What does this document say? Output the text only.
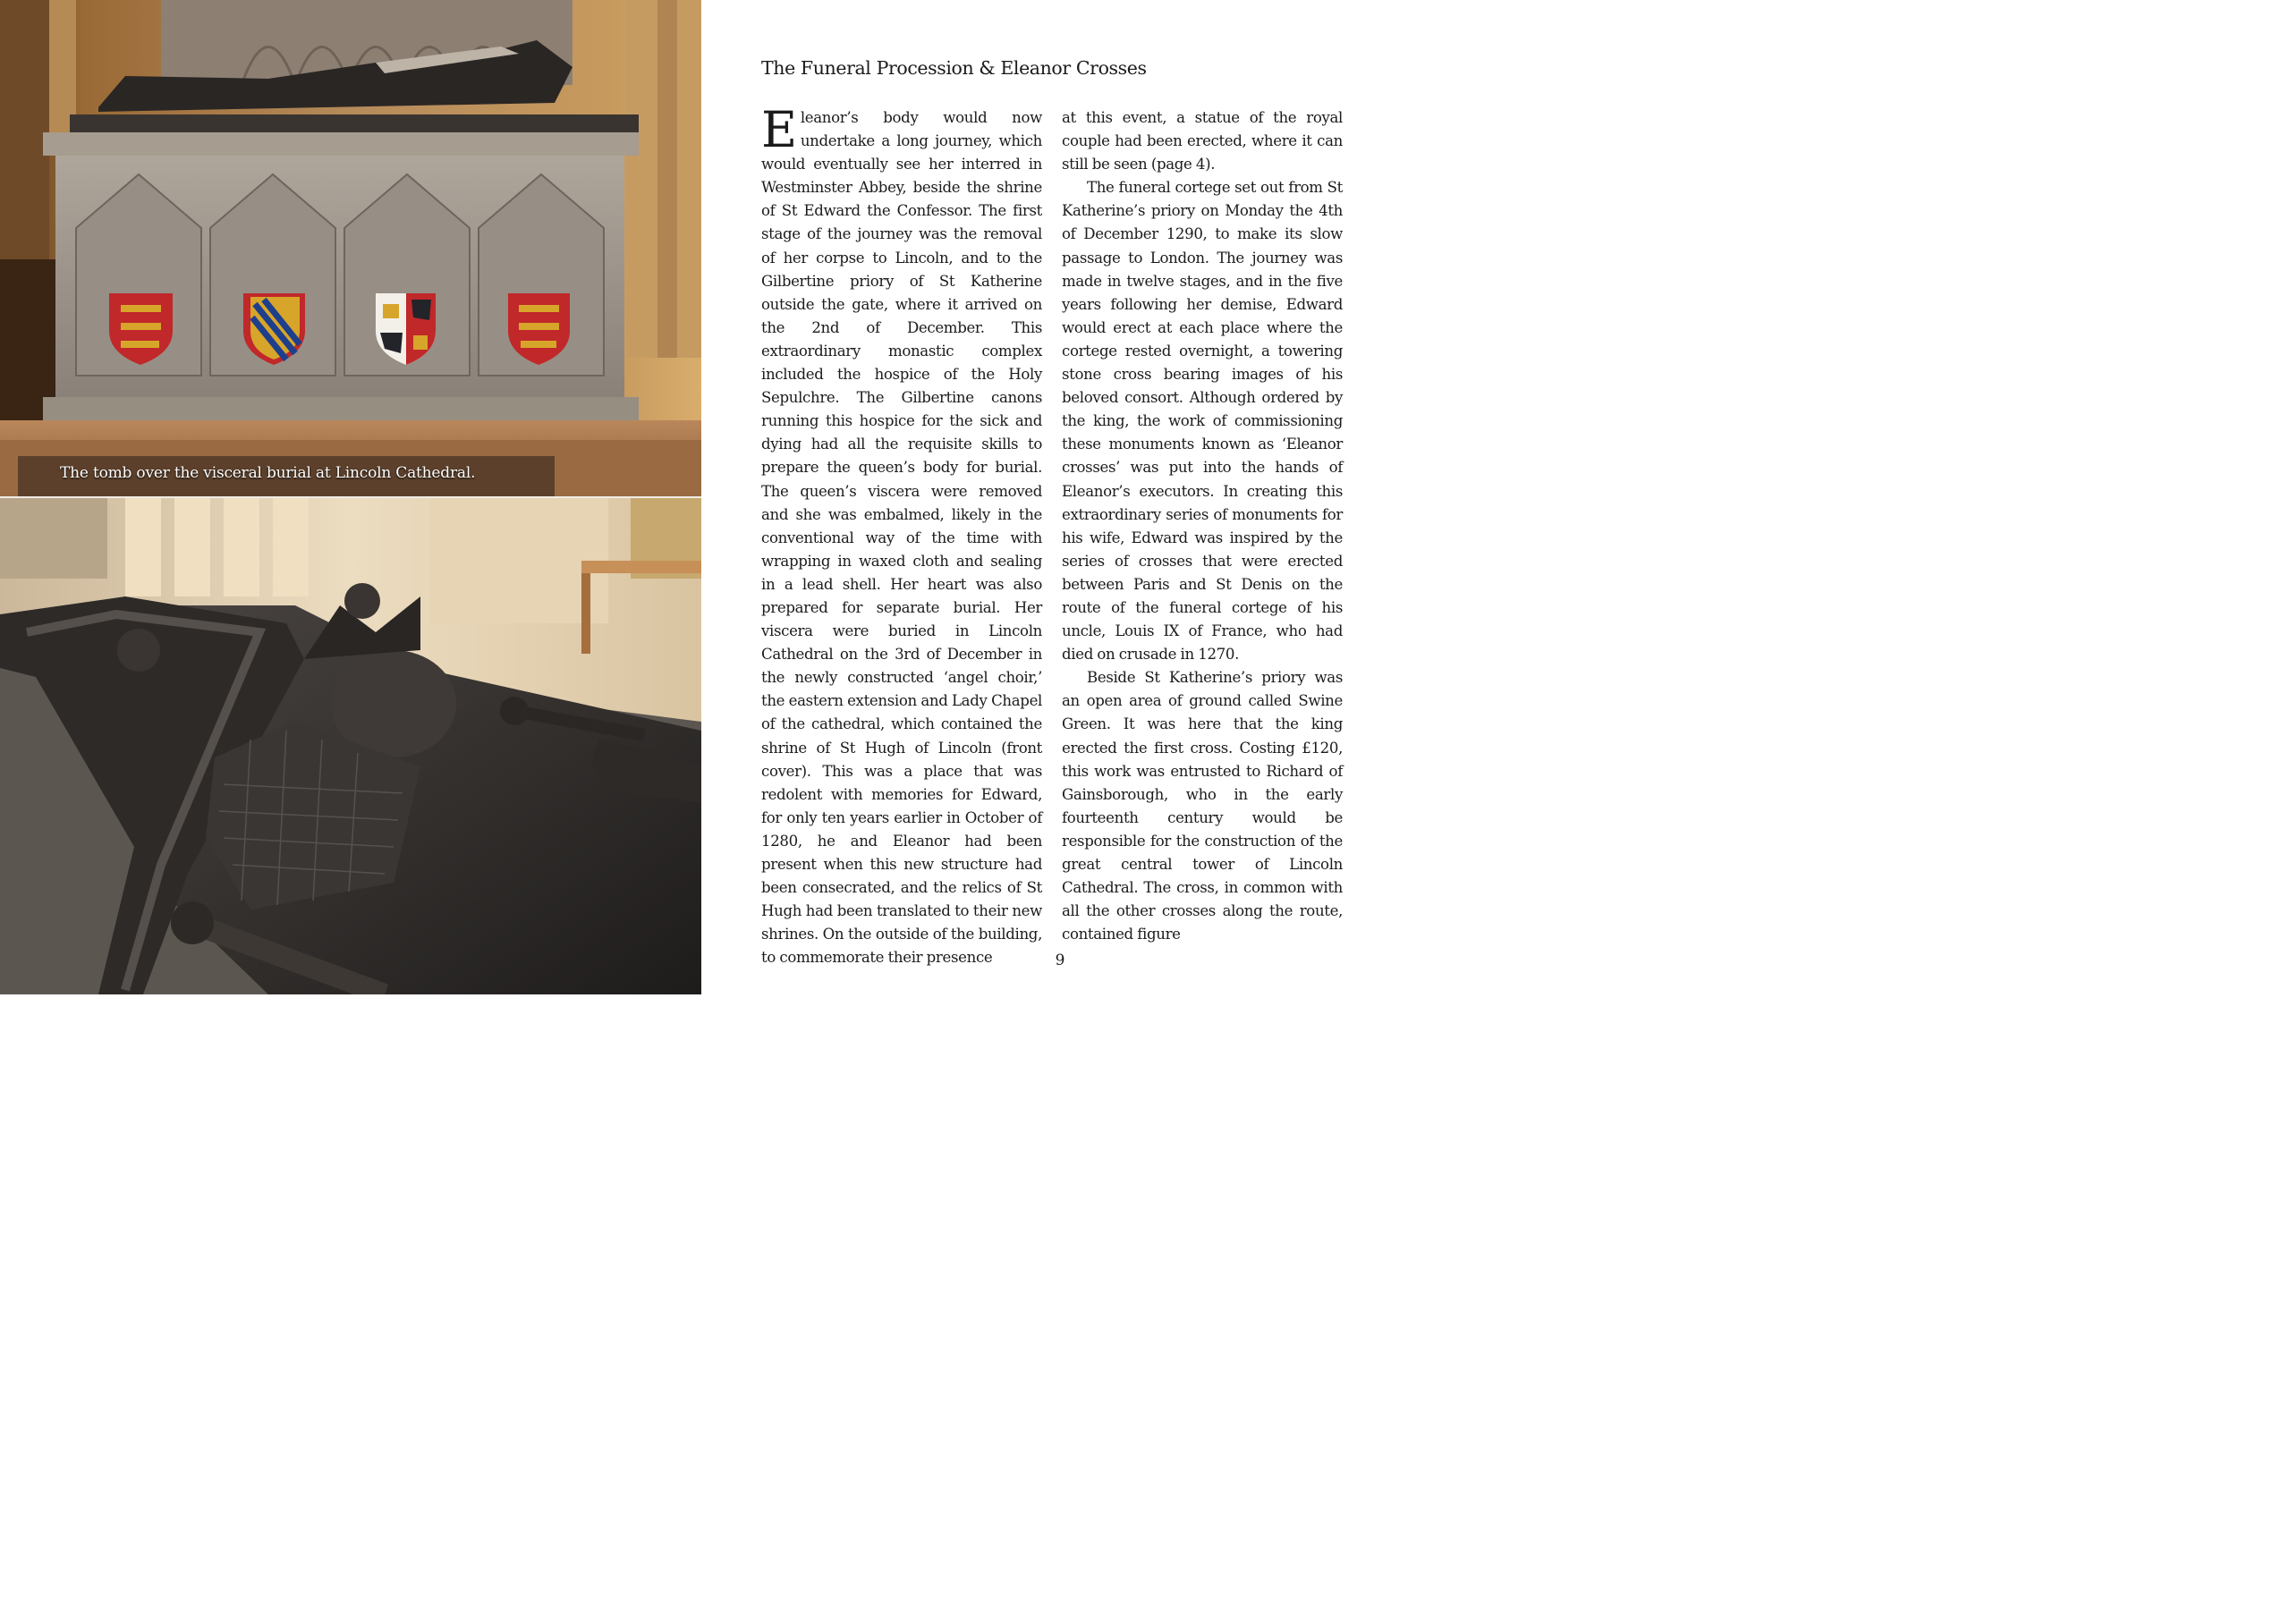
The tomb over the visceral burial at Lincoln Cathedral.
The Funeral Procession & Eleanor Crosses

Eleanor’s body would now undertake a long journey, which would eventually see her interred in Westminster Abbey, beside the shrine of St Edward the Confessor. The first stage of the journey was the removal of her corpse to Lincoln, and to the Gilbertine priory of St Katherine outside the gate, where it arrived on the 2nd of December. This extraordinary monastic complex included the hospice of the Holy Sepulchre. The Gilbertine canons running this hospice for the sick and dying had all the requisite skills to prepare the queen’s body for burial. The queen’s viscera were removed and she was embalmed, likely in the conventional way of the time with wrapping in waxed cloth and sealing in a lead shell. Her heart was also prepared for separate burial. Her viscera were buried in Lincoln Cathedral on the 3rd of December in the newly constructed ‘angel choir,’ the eastern extension and Lady Chapel of the cathedral, which contained the shrine of St Hugh of Lincoln (front cover). This was a place that was redolent with memories for Edward, for only ten years earlier in October of 1280, he and Eleanor had been present when this new structure had been consecrated, and the relics of St Hugh had been translated to their new shrines. On the outside of the building, to commemorate their presence

at this event, a statue of the royal couple had been erected, where it can still be seen (page 4).

The funeral cortege set out from St Katherine’s priory on Monday the 4th of December 1290, to make its slow passage to London. The journey was made in twelve stages, and in the five years following her demise, Edward would erect at each place where the cortege rested overnight, a towering stone cross bearing images of his beloved consort. Although ordered by the king, the work of commissioning these monuments known as ‘Eleanor crosses’ was put into the hands of Eleanor’s executors. In creating this extraordinary series of monuments for his wife, Edward was inspired by the series of crosses that were erected between Paris and St Denis on the route of the funeral cortege of his uncle, Louis IX of France, who had died on crusade in 1270.

Beside St Katherine’s priory was an open area of ground called Swine Green. It was here that the king erected the first cross. Costing £120, this work was entrusted to Richard of Gainsborough, who in the early fourteenth century would be responsible for the construction of the great central tower of Lincoln Cathedral. The cross, in common with all the other crosses along the route, contained figure

9
